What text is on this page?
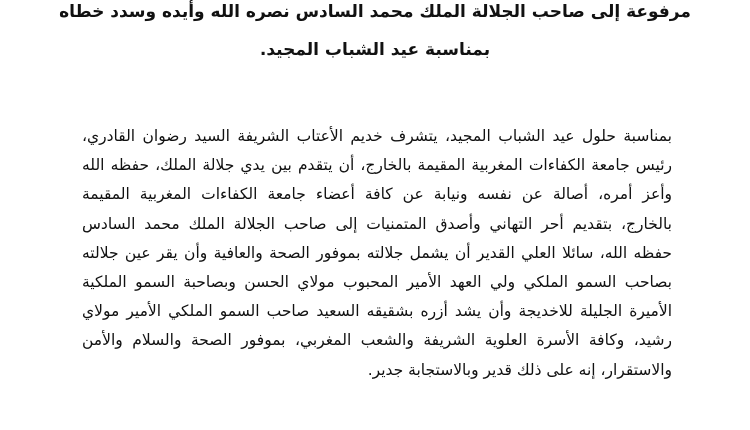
مرفوعة إلى صاحب الجلالة الملك محمد السادس نصره الله وأيده وسدد خطاه
بمناسبة عيد الشباب المجيد.
بمناسبة حلول عيد الشباب المجيد، يتشرف خديم الأعتاب الشريفة السيد رضوان القادري،
رئيس جامعة الكفاءات المغربية المقيمة بالخارج، أن يتقدم بين يدي جلالة الملك، حفظه الله
وأعز أمره، أصالة عن نفسه ونيابة عن كافة أعضاء جامعة الكفاءات المغربية المقيمة
بالخارج، بتقديم أحر التهاني وأصدق المتمنيات إلى صاحب الجلالة الملك محمد السادس
حفظه الله، سائلا العلي القدير أن يشمل جلالته بموفور الصحة والعافية وأن يقر عين جلالته
بصاحب السمو الملكي ولي العهد الأمير المحبوب مولاي الحسن وبصاحبة السمو الملكية
الأميرة الجليلة للاخديجة وأن يشد أزره بشقيقه السعيد صاحب السمو الملكي الأمير مولاي
رشيد، وكافة الأسرة العلوية الشريفة والشعب المغربي، بموفور الصحة والسلام والأمن
والاستقرار، إنه على ذلك قدير وبالاستجابة جدير.
